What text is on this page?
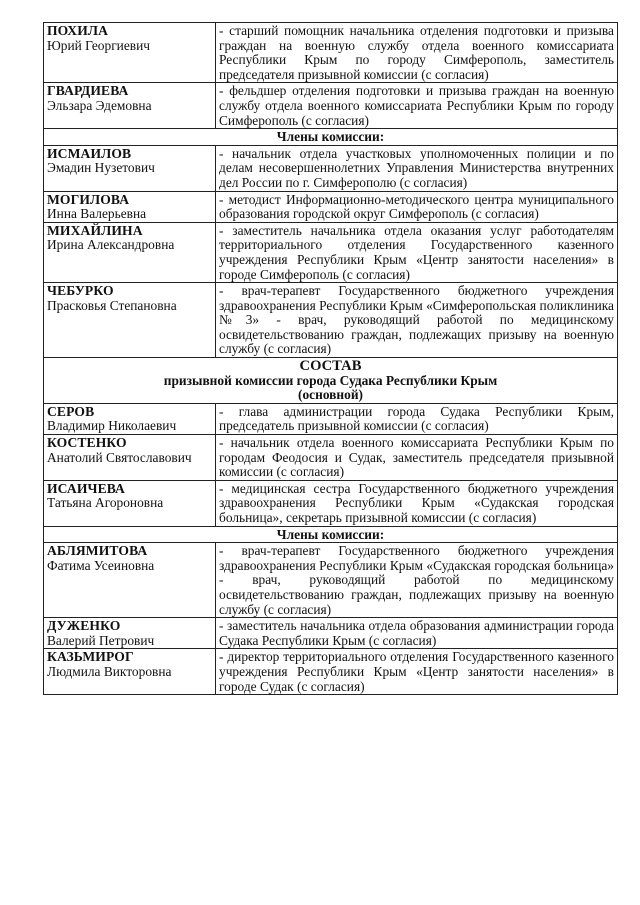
ПОХИЛА
Юрий Георгиевич	- старший помощник начальника отделения подготовки и призыва граждан на военную службу отдела военного комиссариата Республики Крым по городу Симферополь, заместитель председателя призывной комиссии (с согласия)

ГВАРДИЕВА
Эльзара Эдемовна	- фельдшер отделения подготовки и призыва граждан на военную службу отдела военного комиссариата Республики Крым по городу Симферополь (с согласия)
Члены комиссии:	

ИСМАИЛОВ
Эмадин Нузетович	- начальник отдела участковых уполномоченных полиции и по делам несовершеннолетних Управления Министерства внутренних дел России по г. Симферополю (с согласия)

МОГИЛОВА
Инна Валерьевна	- методист Информационно-методического центра муниципального образования городской округ Симферополь (с согласия)

МИХАЙЛИНА
Ирина Александровна	- заместитель начальника отдела оказания услуг работодателям территориального отделения Государственного казенного учреждения Республики Крым «Центр занятости населения» в городе Симферополь (с согласия)

ЧЕБУРКО
Прасковья Степановна	- врач-терапевт Государственного бюджетного учреждения здравоохранения Республики Крым «Симферопольская поликлиника №3» - врач, руководящий работой по медицинскому освидетельствованию граждан, подлежащих призыву на военную службу (с согласия)

СОСТАВ
призывной комиссии города Судака Республики Крым
(основной)	

СЕРОВ
Владимир Николаевич	- глава администрации города Судака Республики Крым, председатель призывной комиссии (с согласия)

КОСТЕНКО
Анатолий Святославович	- начальник отдела военного комиссариата Республики Крым по городам Феодосия и Судак, заместитель председателя призывной комиссии (с согласия)

ИСАИЧЕВА
Татьяна Агороновна	- медицинская сестра Государственного бюджетного учреждения здравоохранения Республики Крым «Судакская городская больница», секретарь призывной комиссии (с согласия)
Члены комиссии:	

АБЛЯМИТОВА
Фатима Усеиновна	- врач-терапевт Государственного бюджетного учреждения здравоохранения Республики Крым «Судакская городская больница» - врач, руководящий работой по медицинскому освидетельствованию граждан, подлежащих призыву на военную службу (с согласия)

ДУЖЕНКО
Валерий Петрович	- заместитель начальника отдела образования администрации города Судака Республики Крым (с согласия)

КАЗЬМИРОГ
Людмила Викторовна	- директор территориального отделения Государственного казенного учреждения Республики Крым «Центр занятости населения» в городе Судак (с согласия)
